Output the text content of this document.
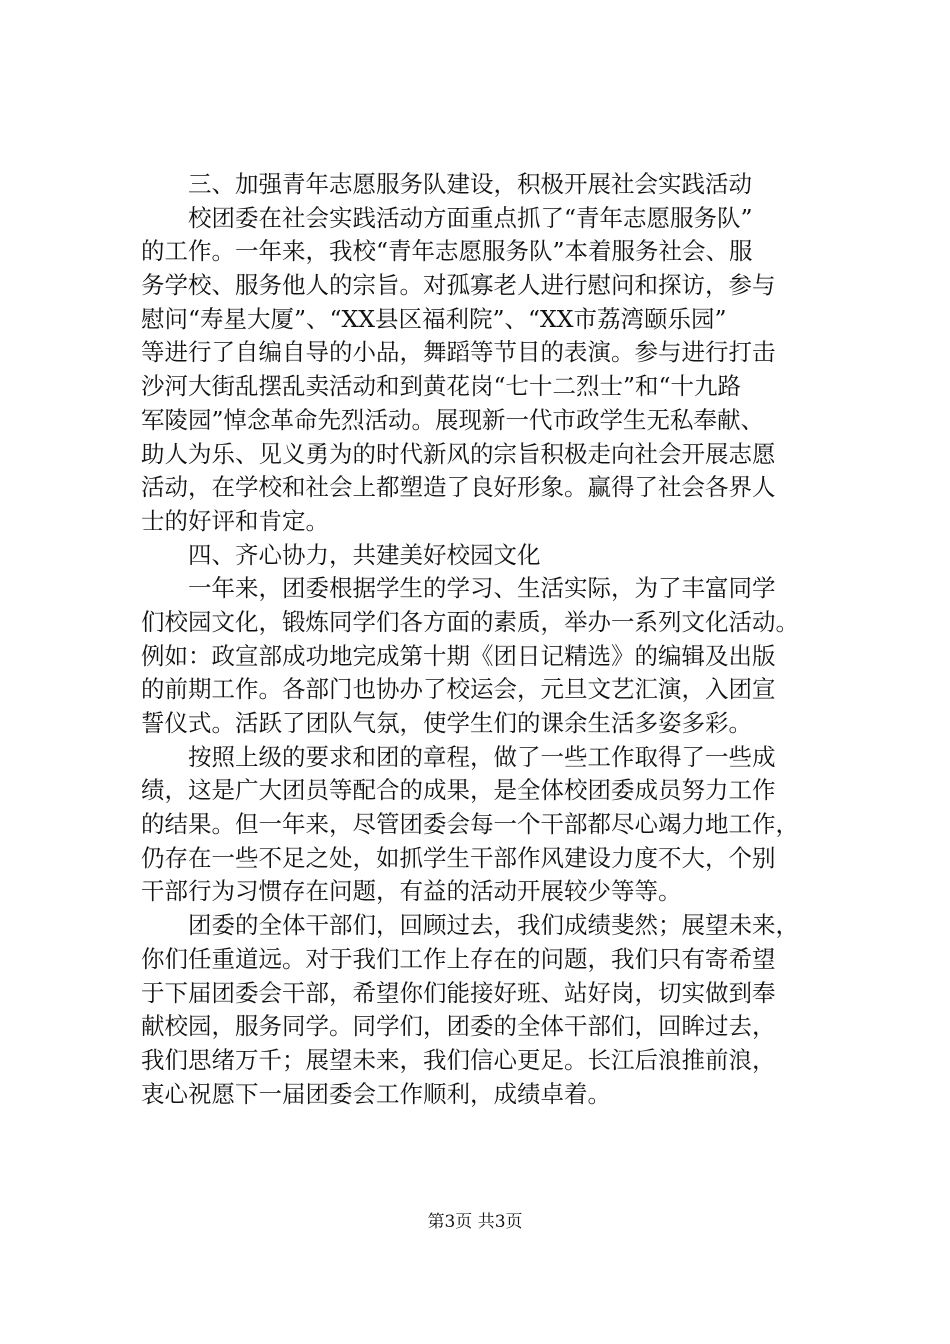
三、加强青年志愿服务队建设，积极开展社会实践活动
校团委在社会实践活动方面重点抓了“青年志愿服务队”
的工作。一年来，我校“青年志愿服务队”本着服务社会、服
务学校、服务他人的宗旨。对孤寡老人进行慰问和探访，参与
慰问“寿星大厦”、“XX县区福利院”、“XX市荔湾颐乐园”
等进行了自编自导的小品，舞蹈等节目的表演。参与进行打击
沙河大街乱摆乱卖活动和到黄花岗“七十二烈士”和“十九路
军陵园”悼念革命先烈活动。展现新一代市政学生无私奉献、
助人为乐、见义勇为的时代新风的宗旨积极走向社会开展志愿
活动，在学校和社会上都塑造了良好形象。赢得了社会各界人
士的好评和肯定。
四、齐心协力，共建美好校园文化
一年来，团委根据学生的学习、生活实际，为了丰富同学
们校园文化，锻炼同学们各方面的素质，举办一系列文化活动。
例如：政宣部成功地完成第十期《团日记精选》的编辑及出版
的前期工作。各部门也协办了校运会，元旦文艺汇演，入团宣
誓仪式。活跃了团队气氛，使学生们的课余生活多姿多彩。
按照上级的要求和团的章程，做了一些工作取得了一些成
绩，这是广大团员等配合的成果，是全体校团委成员努力工作
的结果。但一年来，尽管团委会每一个干部都尽心竭力地工作，
仍存在一些不足之处，如抓学生干部作风建设力度不大，个别
干部行为习惯存在问题，有益的活动开展较少等等。
团委的全体干部们，回顾过去，我们成绩斐然；展望未来，
你们任重道远。对于我们工作上存在的问题，我们只有寄希望
于下届团委会干部，希望你们能接好班、站好岗，切实做到奉
献校园，服务同学。同学们，团委的全体干部们，回眸过去，
我们思绪万千；展望未来，我们信心更足。长江后浪推前浪，
衷心祝愿下一届团委会工作顺利，成绩卓着。
第3页 共3页
